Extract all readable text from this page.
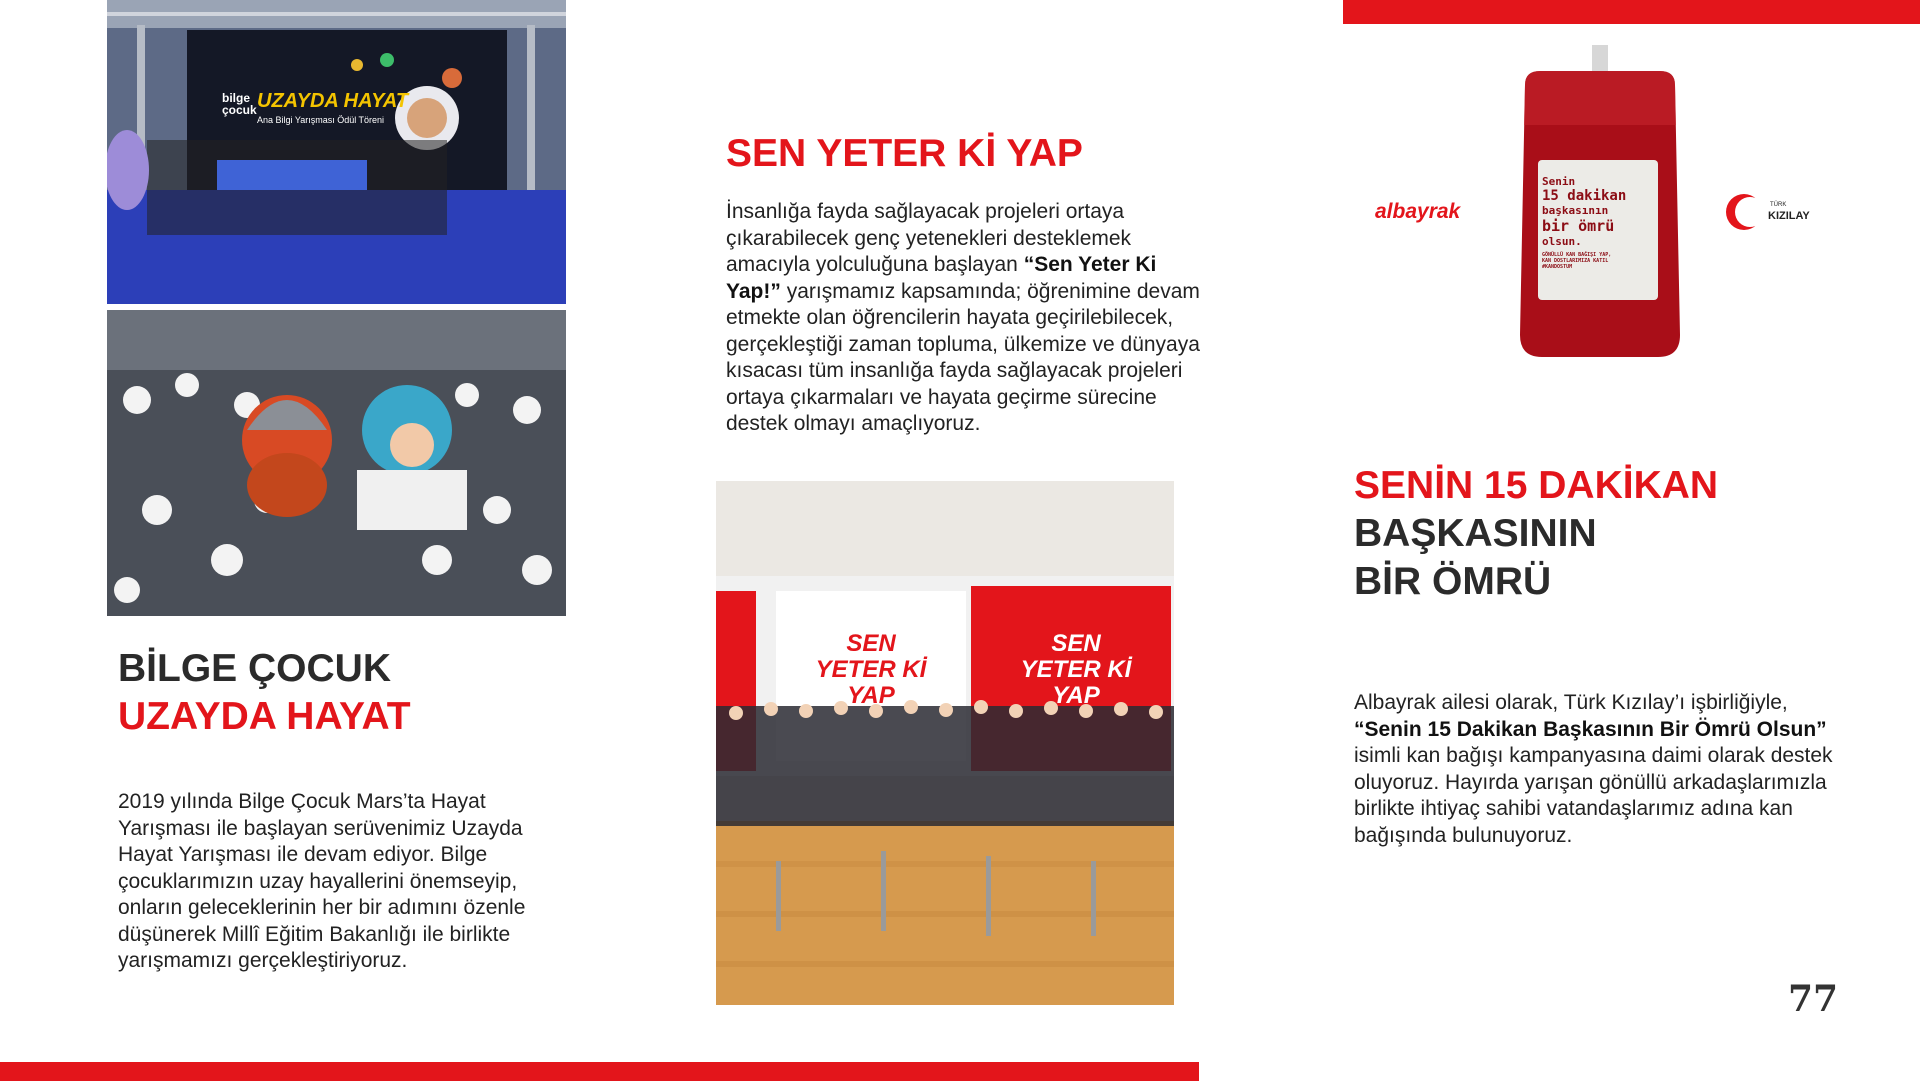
bilge
çocuk UZAYDA HAYAT
Ana Bilgi Yarışması Ödül Töreni
BİLGE ÇOCUK
UZAYDA HAYAT

2019 yılında Bilge Çocuk Mars’ta Hayat Yarışması ile başlayan serüvenimiz Uzayda Hayat Yarışması ile devam ediyor. Bilge çocuklarımızın uzay hayallerini önemseyip, onların geleceklerinin her bir adımını özenle düşünerek Millî Eğitim Bakanlığı ile birlikte yarışmamızı gerçekleştiriyoruz.

SEN YETER Kİ YAP

İnsanlığa fayda sağlayacak projeleri ortaya çıkarabilecek genç yetenekleri desteklemek amacıyla yolculuğuna başlayan “Sen Yeter Ki Yap!” yarışmamız kapsamında; öğrenimine devam etmekte olan öğrencilerin hayata geçirilebilecek, gerçekleştiği zaman topluma, ülkemize ve dünyaya kısacası tüm insanlığa fayda sağlayacak projeleri ortaya çıkarmaları ve hayata geçirme sürecine destek olmayı amaçlıyoruz.

SEN YETER Kİ YAP
SEN YETER Kİ YAP
albayrak
Senin
15 dakikan
başkasının
bir ömrü
olsun.
GÖNÜLLÜ KAN BAĞIŞI YAP,
KAN DOSTLARIMIZA KATIL
#KANDOSTUM
TÜRK
KIZILAY
SENİN 15 DAKİKAN
BAŞKASININ
BİR ÖMRÜ

Albayrak ailesi olarak, Türk Kızılay’ı işbirliğiyle, “Senin 15 Dakikan Başkasının Bir Ömrü Olsun” isimli kan bağışı kampanyasına daimi olarak destek oluyoruz. Hayırda yarışan gönüllü arkadaşlarımızla birlikte ihtiyaç sahibi vatandaşlarımız adına kan bağışında bulunuyoruz.

77
